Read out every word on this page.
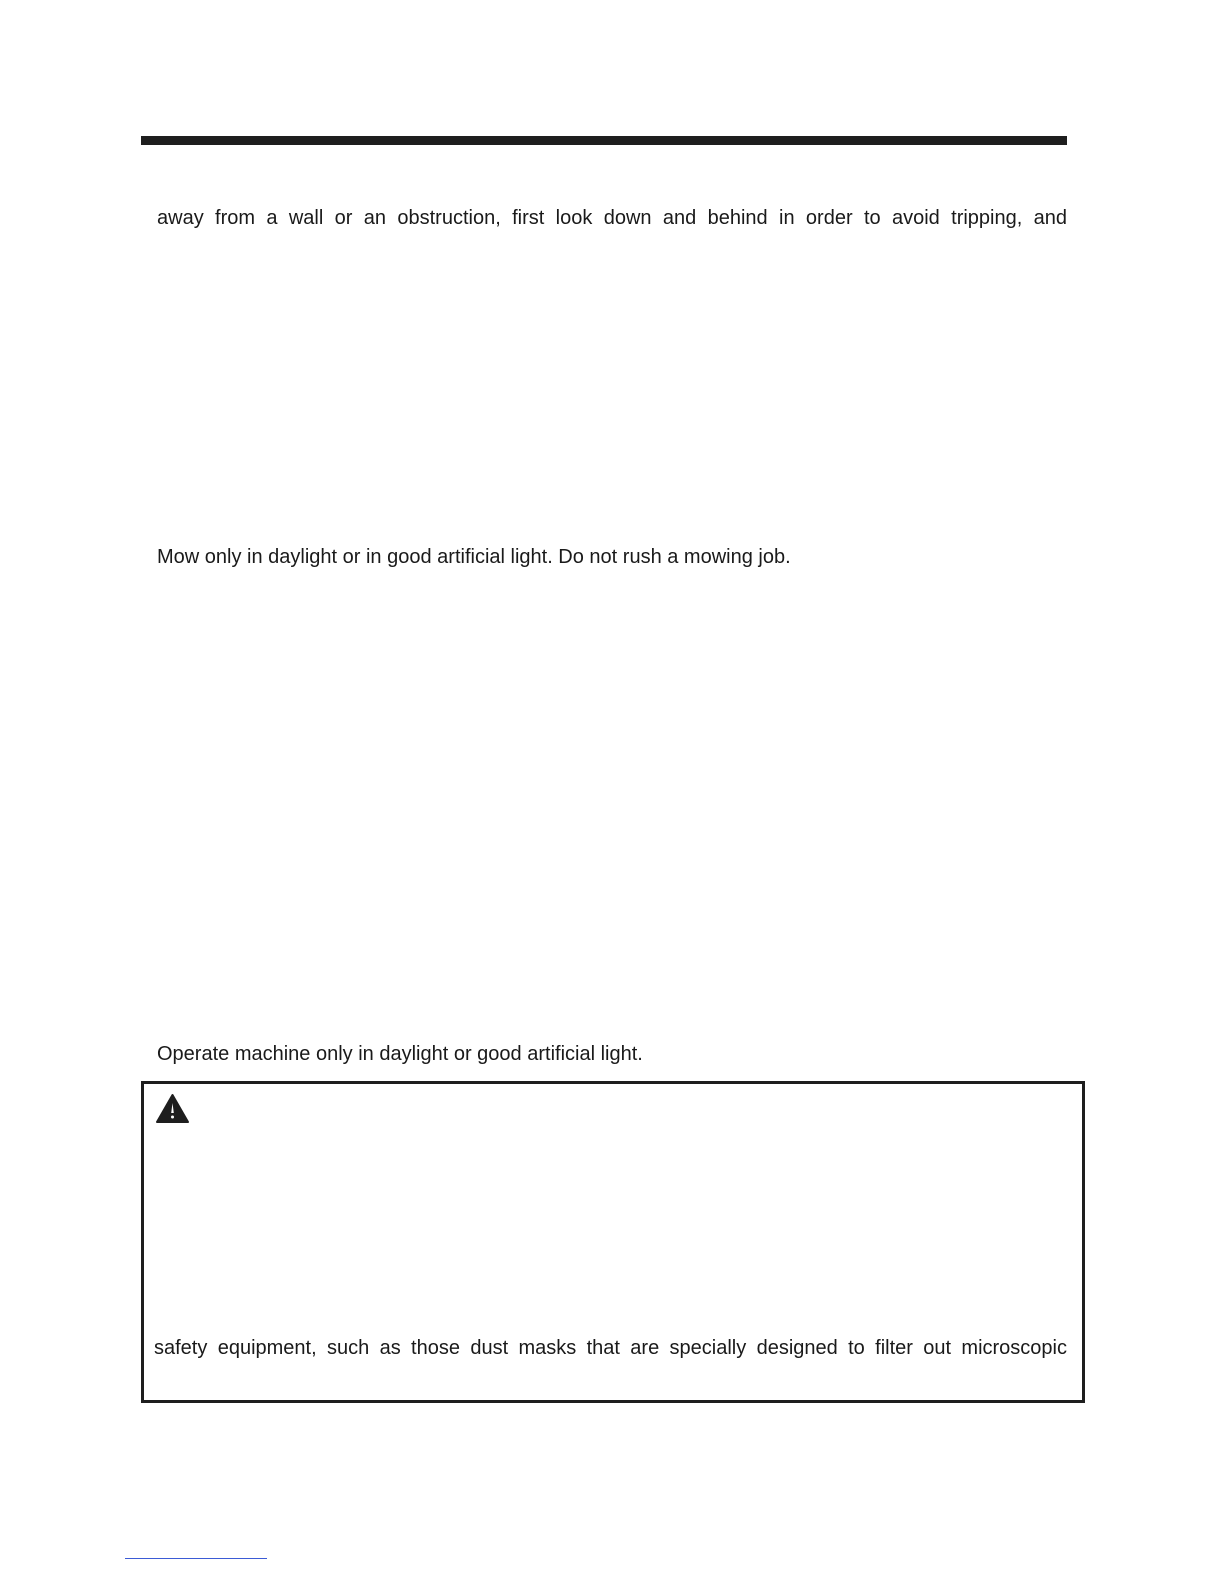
away from a wall or an obstruction, first look down and behind in order to avoid tripping, and
Mow only in daylight or in good artificial light. Do not rush a mowing job.
Operate machine only in daylight or good artificial light.
safety equipment, such as those dust masks that are specially designed to filter out microscopic
